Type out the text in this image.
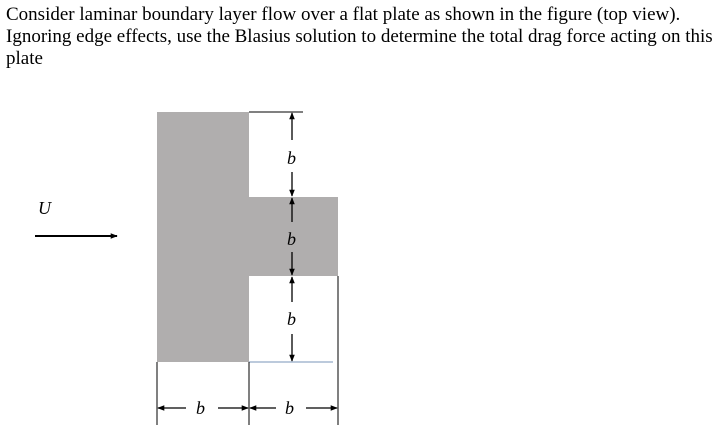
Consider laminar boundary layer flow over a flat plate as shown in the figure (top view). Ignoring edge effects, use the Blasius solution to determine the total drag force acting on this plate
U
b
b
b
b	b
